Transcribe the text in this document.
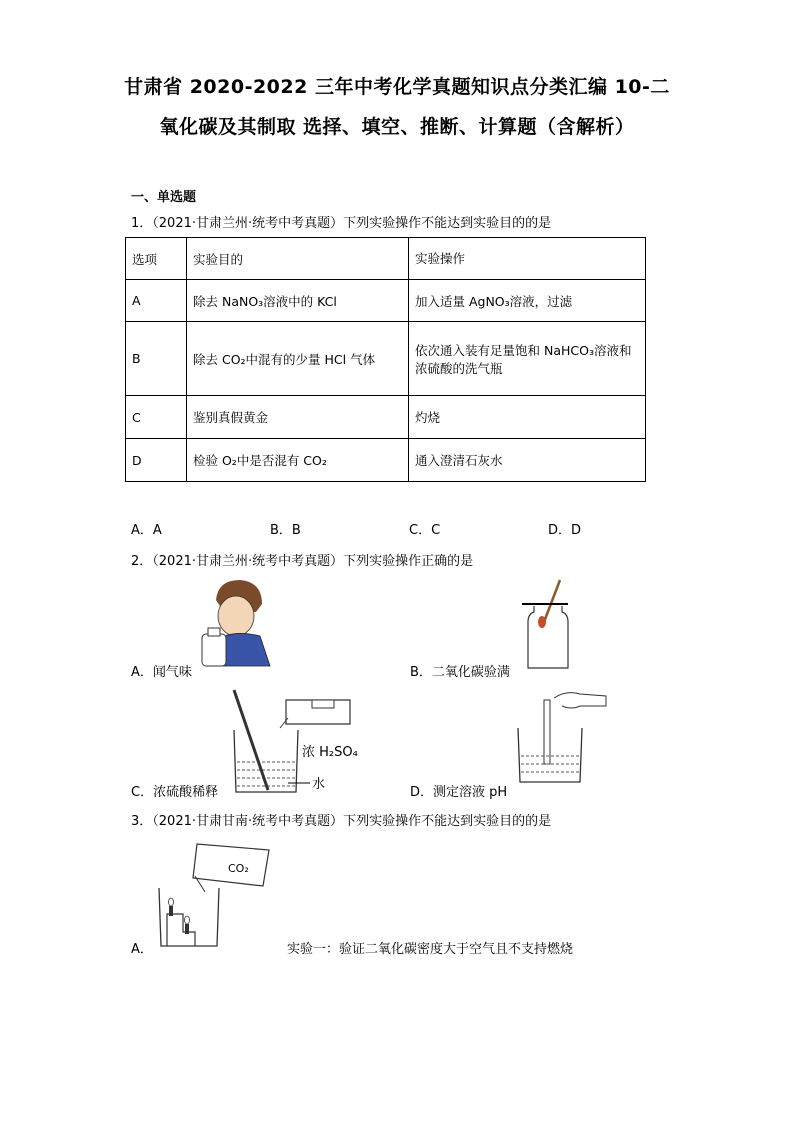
甘肃省 2020-2022 三年中考化学真题知识点分类汇编 10-二
氧化碳及其制取 选择、填空、推断、计算题（含解析）
一、单选题
1．（2021·甘肃兰州·统考中考真题）下列实验操作不能达到实验目的的是
选项	实验目的	实验操作
A	除去 NaNO₃溶液中的 KCl	加入适量 AgNO₃溶液，过滤
B	除去 CO₂中混有的少量 HCl 气体	依次通入装有足量饱和 NaHCO₃溶液和浓硫酸的洗气瓶
C	鉴别真假黄金	灼烧
D	检验 O₂中是否混有 CO₂	通入澄清石灰水
A．A	B．B	C．C	D．D
2．（2021·甘肃兰州·统考中考真题）下列实验操作正确的是
A．闻气味	B．二氧化碳验满
浓 H₂SO₄
水
C．浓硫酸稀释	D．测定溶液 pH
3．（2021·甘肃甘南·统考中考真题）下列实验操作不能达到实验目的的是
CO₂
A．	实验一：验证二氧化碳密度大于空气且不支持燃烧
